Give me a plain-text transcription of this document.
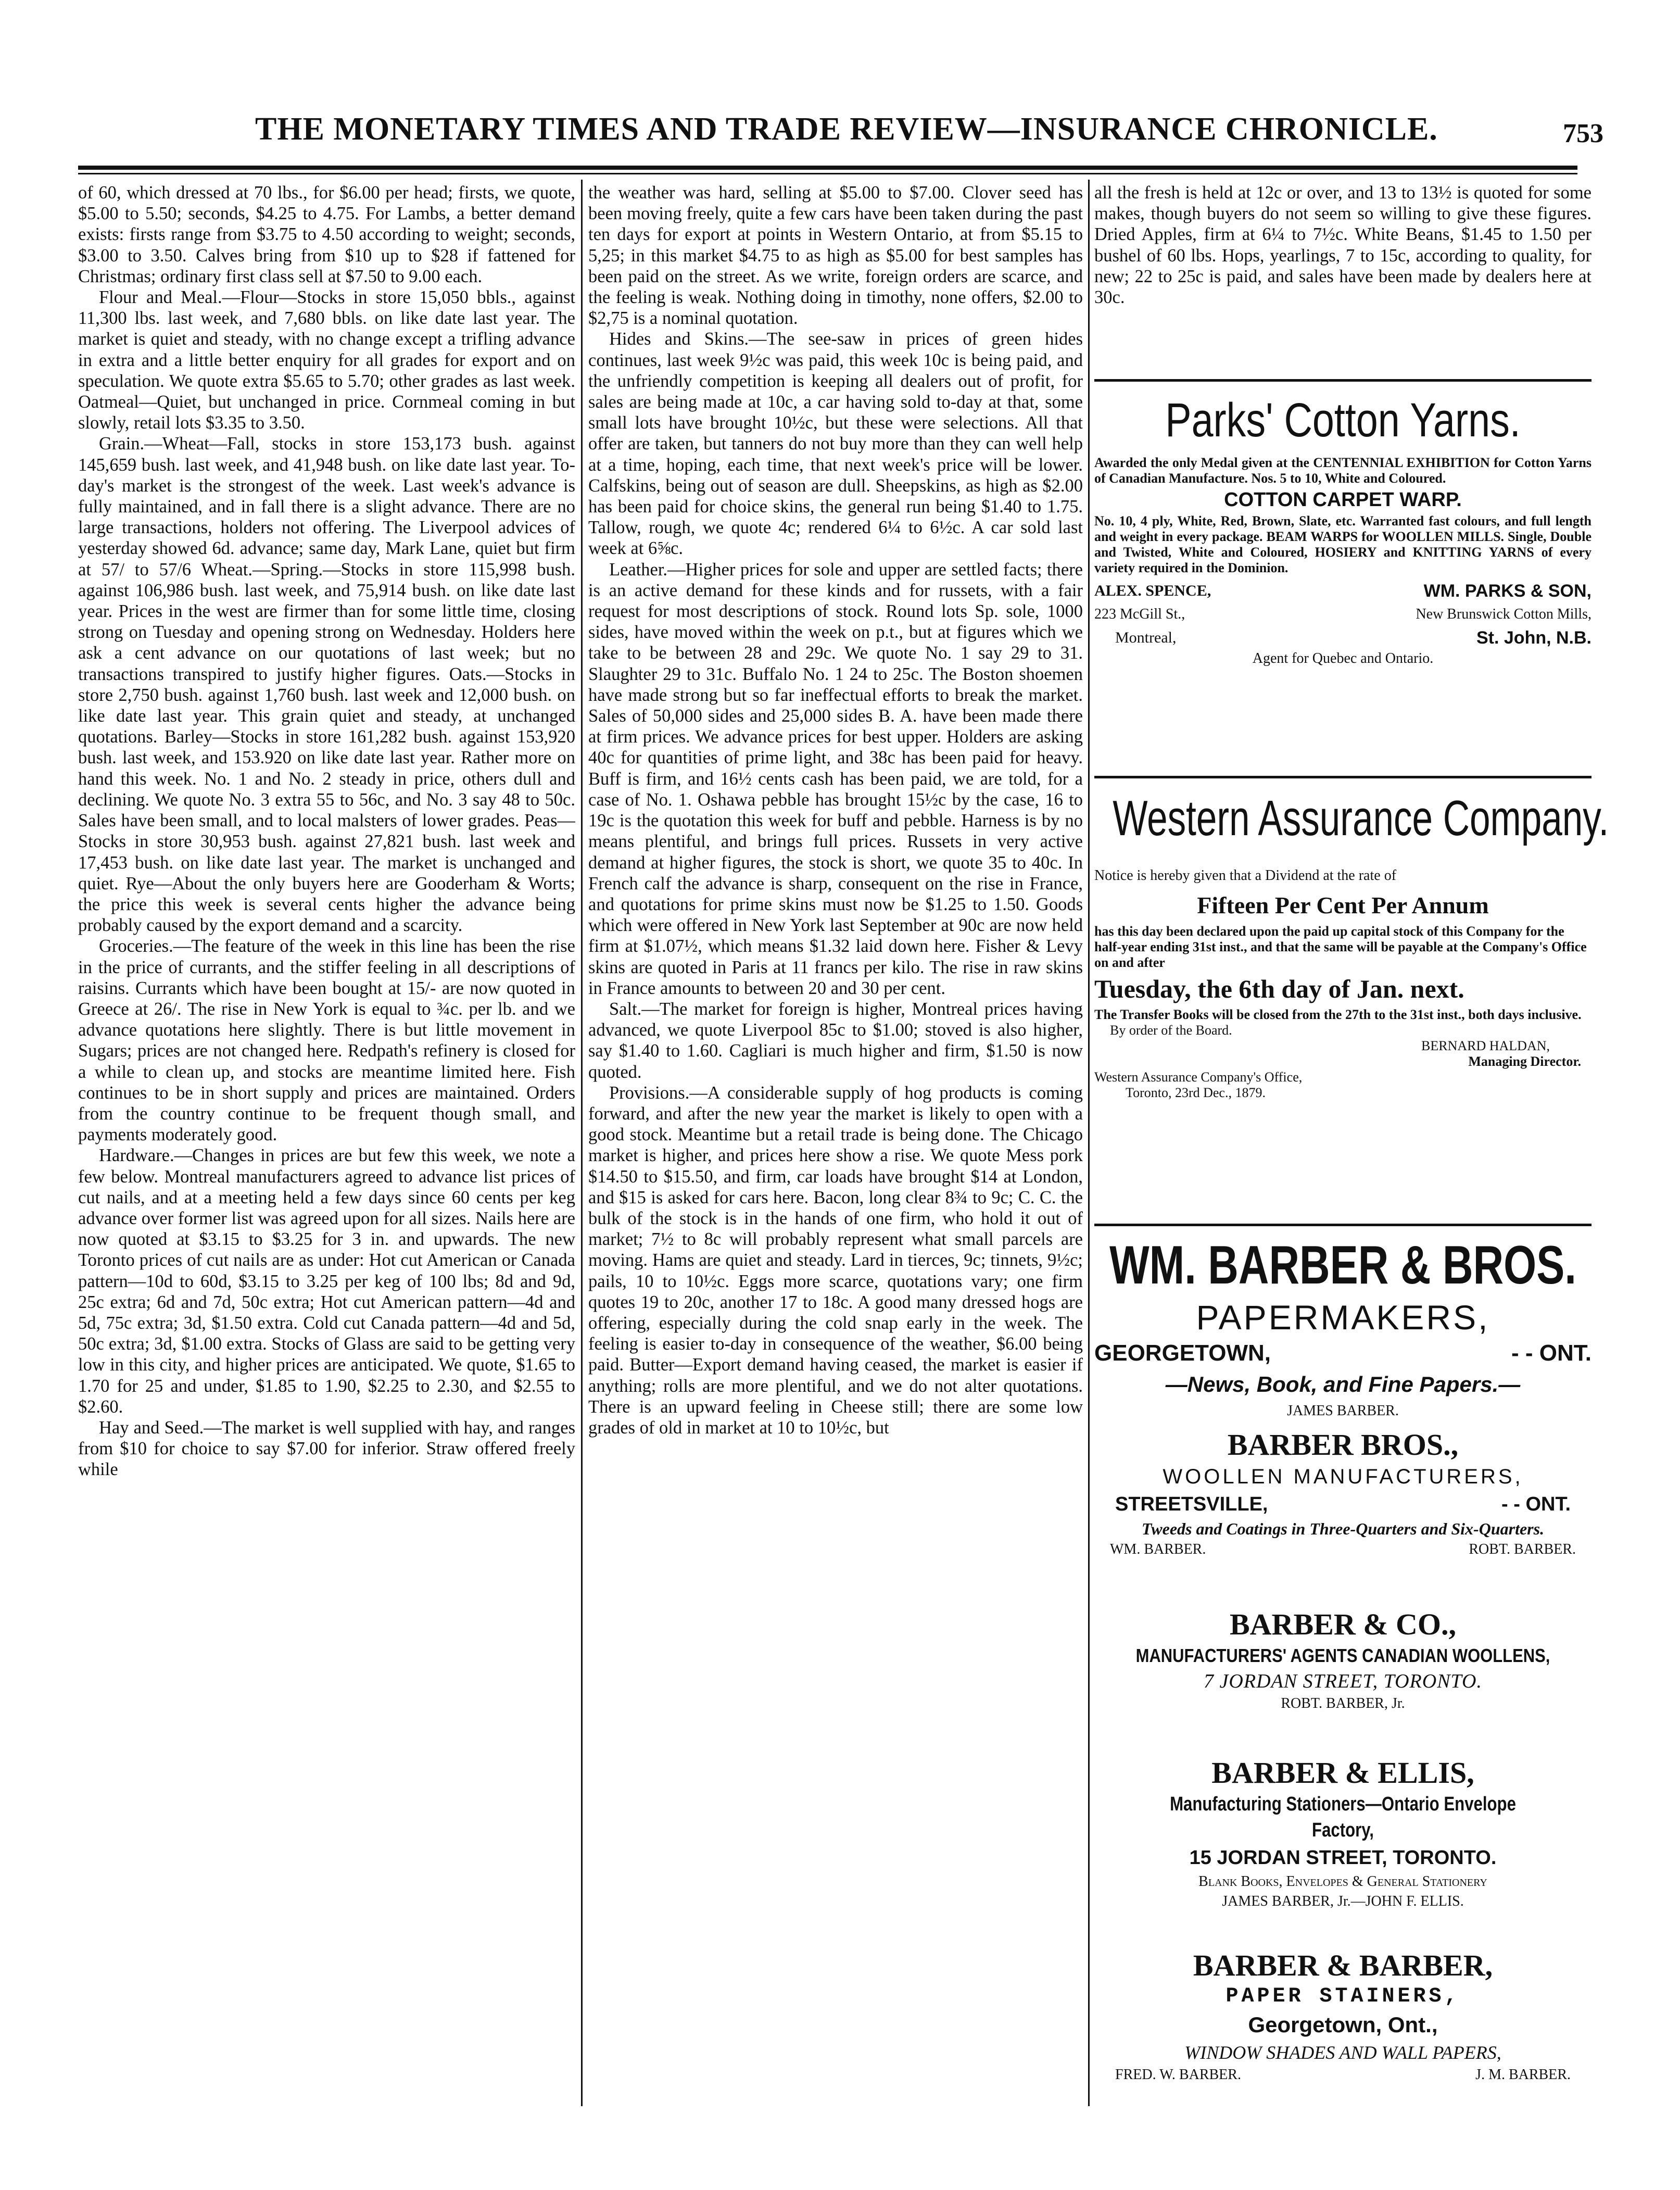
THE MONETARY TIMES AND TRADE REVIEW—INSURANCE CHRONICLE.	753

of 60, which dressed at 70 lbs., for $6.00 per head; firsts, we quote, $5.00 to 5.50; seconds, $4.25 to 4.75. For Lambs, a better demand exists: firsts range from $3.75 to 4.50 according to weight; seconds, $3.00 to 3.50. Calves bring from $10 up to $28 if fattened for Christmas; ordinary first class sell at $7.50 to 9.00 each.

Flour and Meal.—Flour—Stocks in store 15,050 bbls., against 11,300 lbs. last week, and 7,680 bbls. on like date last year. The market is quiet and steady, with no change except a trifling advance in extra and a little better enquiry for all grades for export and on speculation. We quote extra $5.65 to 5.70; other grades as last week. Oatmeal—Quiet, but unchanged in price. Cornmeal coming in but slowly, retail lots $3.35 to 3.50.

Grain.—Wheat—Fall, stocks in store 153,173 bush. against 145,659 bush. last week, and 41,948 bush. on like date last year. To-day's market is the strongest of the week. Last week's advance is fully maintained, and in fall there is a slight advance. There are no large transactions, holders not offering. The Liverpool advices of yesterday showed 6d. advance; same day, Mark Lane, quiet but firm at 57/ to 57/6 Wheat.—Spring.—Stocks in store 115,998 bush. against 106,986 bush. last week, and 75,914 bush. on like date last year. Prices in the west are firmer than for some little time, closing strong on Tuesday and opening strong on Wednesday. Holders here ask a cent advance on our quotations of last week; but no transactions transpired to justify higher figures. Oats.—Stocks in store 2,750 bush. against 1,760 bush. last week and 12,000 bush. on like date last year. This grain quiet and steady, at unchanged quotations. Barley—Stocks in store 161,282 bush. against 153,920 bush. last week, and 153.920 on like date last year. Rather more on hand this week. No. 1 and No. 2 steady in price, others dull and declining. We quote No. 3 extra 55 to 56c, and No. 3 say 48 to 50c. Sales have been small, and to local malsters of lower grades. Peas—Stocks in store 30,953 bush. against 27,821 bush. last week and 17,453 bush. on like date last year. The market is unchanged and quiet. Rye—About the only buyers here are Gooderham & Worts; the price this week is several cents higher the advance being probably caused by the export demand and a scarcity.

Groceries.—The feature of the week in this line has been the rise in the price of currants, and the stiffer feeling in all descriptions of raisins. Currants which have been bought at 15/- are now quoted in Greece at 26/. The rise in New York is equal to ¾c. per lb. and we advance quotations here slightly. There is but little movement in Sugars; prices are not changed here. Redpath's refinery is closed for a while to clean up, and stocks are meantime limited here. Fish continues to be in short supply and prices are maintained. Orders from the country continue to be frequent though small, and payments moderately good.

Hardware.—Changes in prices are but few this week, we note a few below. Montreal manufacturers agreed to advance list prices of cut nails, and at a meeting held a few days since 60 cents per keg advance over former list was agreed upon for all sizes. Nails here are now quoted at $3.15 to $3.25 for 3 in. and upwards. The new Toronto prices of cut nails are as under: Hot cut American or Canada pattern—10d to 60d, $3.15 to 3.25 per keg of 100 lbs; 8d and 9d, 25c extra; 6d and 7d, 50c extra; Hot cut American pattern—4d and 5d, 75c extra; 3d, $1.50 extra. Cold cut Canada pattern—4d and 5d, 50c extra; 3d, $1.00 extra. Stocks of Glass are said to be getting very low in this city, and higher prices are anticipated. We quote, $1.65 to 1.70 for 25 and under, $1.85 to 1.90, $2.25 to 2.30, and $2.55 to $2.60.

Hay and Seed.—The market is well supplied with hay, and ranges from $10 for choice to say $7.00 for inferior. Straw offered freely while

the weather was hard, selling at $5.00 to $7.00. Clover seed has been moving freely, quite a few cars have been taken during the past ten days for export at points in Western Ontario, at from $5.15 to 5,25; in this market $4.75 to as high as $5.00 for best samples has been paid on the street. As we write, foreign orders are scarce, and the feeling is weak. Nothing doing in timothy, none offers, $2.00 to $2,75 is a nominal quotation.

Hides and Skins.—The see-saw in prices of green hides continues, last week 9½c was paid, this week 10c is being paid, and the unfriendly competition is keeping all dealers out of profit, for sales are being made at 10c, a car having sold to-day at that, some small lots have brought 10½c, but these were selections. All that offer are taken, but tanners do not buy more than they can well help at a time, hoping, each time, that next week's price will be lower. Calfskins, being out of season are dull. Sheepskins, as high as $2.00 has been paid for choice skins, the general run being $1.40 to 1.75. Tallow, rough, we quote 4c; rendered 6¼ to 6½c. A car sold last week at 6⅝c.

Leather.—Higher prices for sole and upper are settled facts; there is an active demand for these kinds and for russets, with a fair request for most descriptions of stock. Round lots Sp. sole, 1000 sides, have moved within the week on p.t., but at figures which we take to be between 28 and 29c. We quote No. 1 say 29 to 31. Slaughter 29 to 31c. Buffalo No. 1 24 to 25c. The Boston shoemen have made strong but so far ineffectual efforts to break the market. Sales of 50,000 sides and 25,000 sides B. A. have been made there at firm prices. We advance prices for best upper. Holders are asking 40c for quantities of prime light, and 38c has been paid for heavy. Buff is firm, and 16½ cents cash has been paid, we are told, for a case of No. 1. Oshawa pebble has brought 15½c by the case, 16 to 19c is the quotation this week for buff and pebble. Harness is by no means plentiful, and brings full prices. Russets in very active demand at higher figures, the stock is short, we quote 35 to 40c. In French calf the advance is sharp, consequent on the rise in France, and quotations for prime skins must now be $1.25 to 1.50. Goods which were offered in New York last September at 90c are now held firm at $1.07½, which means $1.32 laid down here. Fisher & Levy skins are quoted in Paris at 11 francs per kilo. The rise in raw skins in France amounts to between 20 and 30 per cent.

Salt.—The market for foreign is higher, Montreal prices having advanced, we quote Liverpool 85c to $1.00; stoved is also higher, say $1.40 to 1.60. Cagliari is much higher and firm, $1.50 is now quoted.

Provisions.—A considerable supply of hog products is coming forward, and after the new year the market is likely to open with a good stock. Meantime but a retail trade is being done. The Chicago market is higher, and prices here show a rise. We quote Mess pork $14.50 to $15.50, and firm, car loads have brought $14 at London, and $15 is asked for cars here. Bacon, long clear 8¾ to 9c; C. C. the bulk of the stock is in the hands of one firm, who hold it out of market; 7½ to 8c will probably represent what small parcels are moving. Hams are quiet and steady. Lard in tierces, 9c; tinnets, 9½c; pails, 10 to 10½c. Eggs more scarce, quotations vary; one firm quotes 19 to 20c, another 17 to 18c. A good many dressed hogs are offering, especially during the cold snap early in the week. The feeling is easier to-day in consequence of the weather, $6.00 being paid. Butter—Export demand having ceased, the market is easier if anything; rolls are more plentiful, and we do not alter quotations. There is an upward feeling in Cheese still; there are some low grades of old in market at 10 to 10½c, but

all the fresh is held at 12c or over, and 13 to 13½ is quoted for some makes, though buyers do not seem so willing to give these figures. Dried Apples, firm at 6¼ to 7½c. White Beans, $1.45 to 1.50 per bushel of 60 lbs. Hops, yearlings, 7 to 15c, according to quality, for new; 22 to 25c is paid, and sales have been made by dealers here at 30c.

Parks' Cotton Yarns.
Awarded the only Medal given at the CENTENNIAL EXHIBITION for Cotton Yarns of Canadian Manufacture. Nos. 5 to 10, White and Coloured.
COTTON CARPET WARP.
No. 10, 4 ply, White, Red, Brown, Slate, etc. Warranted fast colours, and full length and weight in every package. BEAM WARPS for WOOLLEN MILLS. Single, Double and Twisted, White and Coloured, HOSIERY and KNITTING YARNS of every variety required in the Dominion.
ALEX. SPENCE,	WM. PARKS & SON,
223 McGill St.,	New Brunswick Cotton Mills,
Montreal,	St. John, N.B.
Agent for Quebec and Ontario.
Western Assurance Company.
Notice is hereby given that a Dividend at the rate of
Fifteen Per Cent Per Annum
has this day been declared upon the paid up capital stock of this Company for the half-year ending 31st inst., and that the same will be payable at the Company's Office on and after
Tuesday, the 6th day of Jan. next.
The Transfer Books will be closed from the 27th to the 31st inst., both days inclusive.
By order of the Board.
BERNARD HALDAN,
Managing Director.
Western Assurance Company's Office,
Toronto, 23rd Dec., 1879.
WM. BARBER & BROS.
PAPERMAKERS,
GEORGETOWN,	- - ONT.
—News, Book, and Fine Papers.—
JAMES BARBER.
BARBER BROS.,
WOOLLEN MANUFACTURERS,
STREETSVILLE,	- - ONT.
Tweeds and Coatings in Three-Quarters and Six-Quarters.
WM. BARBER.	ROBT. BARBER.
BARBER & CO.,
MANUFACTURERS' AGENTS CANADIAN WOOLLENS,
7 JORDAN STREET, TORONTO.
ROBT. BARBER, Jr.
BARBER & ELLIS,
Manufacturing Stationers—Ontario Envelope Factory,
15 JORDAN STREET, TORONTO.
Blank Books, Envelopes & General Stationery
JAMES BARBER, Jr.—JOHN F. ELLIS.
BARBER & BARBER,
PAPER STAINERS,
Georgetown, Ont.,
WINDOW SHADES AND WALL PAPERS,
FRED. W. BARBER.	J. M. BARBER.
